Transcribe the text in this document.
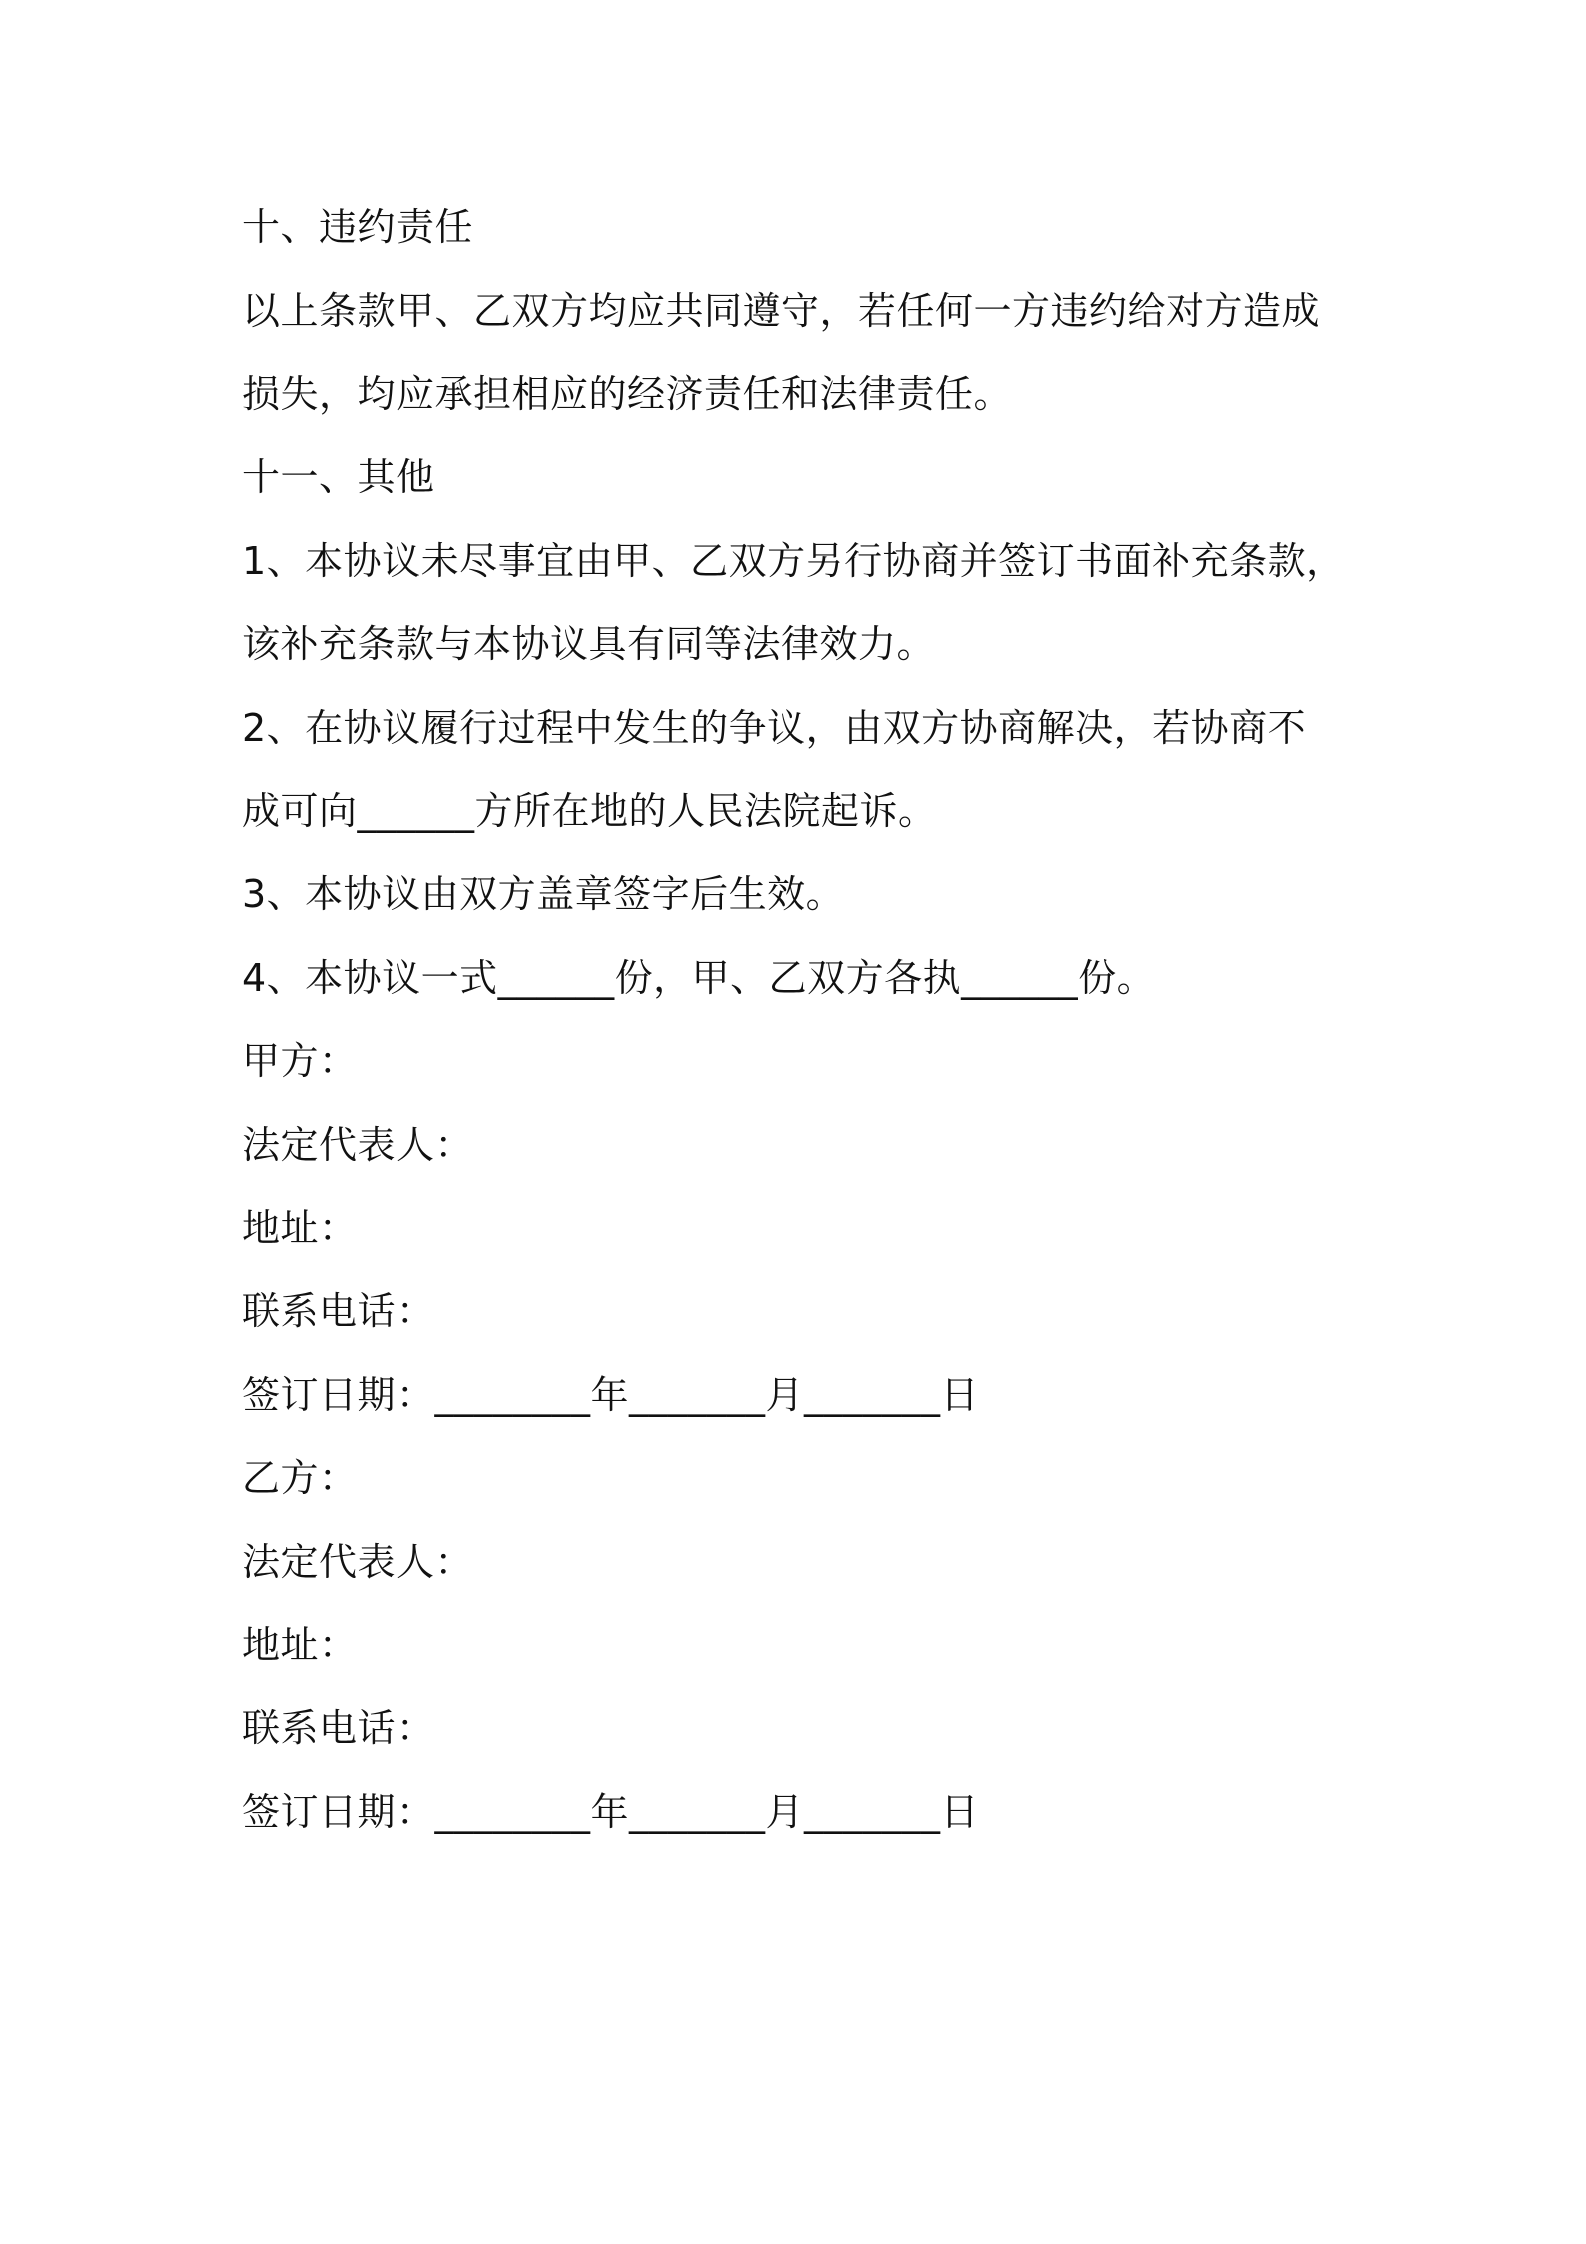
十、违约责任
以上条款甲、乙双方均应共同遵守，若任何一方违约给对方造成
损失，均应承担相应的经济责任和法律责任。
十一、其他
1、本协议未尽事宜由甲、乙双方另行协商并签订书面补充条款，
该补充条款与本协议具有同等法律效力。
2、在协议履行过程中发生的争议，由双方协商解决，若协商不
成可向______方所在地的人民法院起诉。
3、本协议由双方盖章签字后生效。
4、本协议一式______份，甲、乙双方各执______份。
甲方：
法定代表人：
地址：
联系电话：
签订日期：________年_______月_______日
乙方：
法定代表人：
地址：
联系电话：
签订日期：________年_______月_______日
